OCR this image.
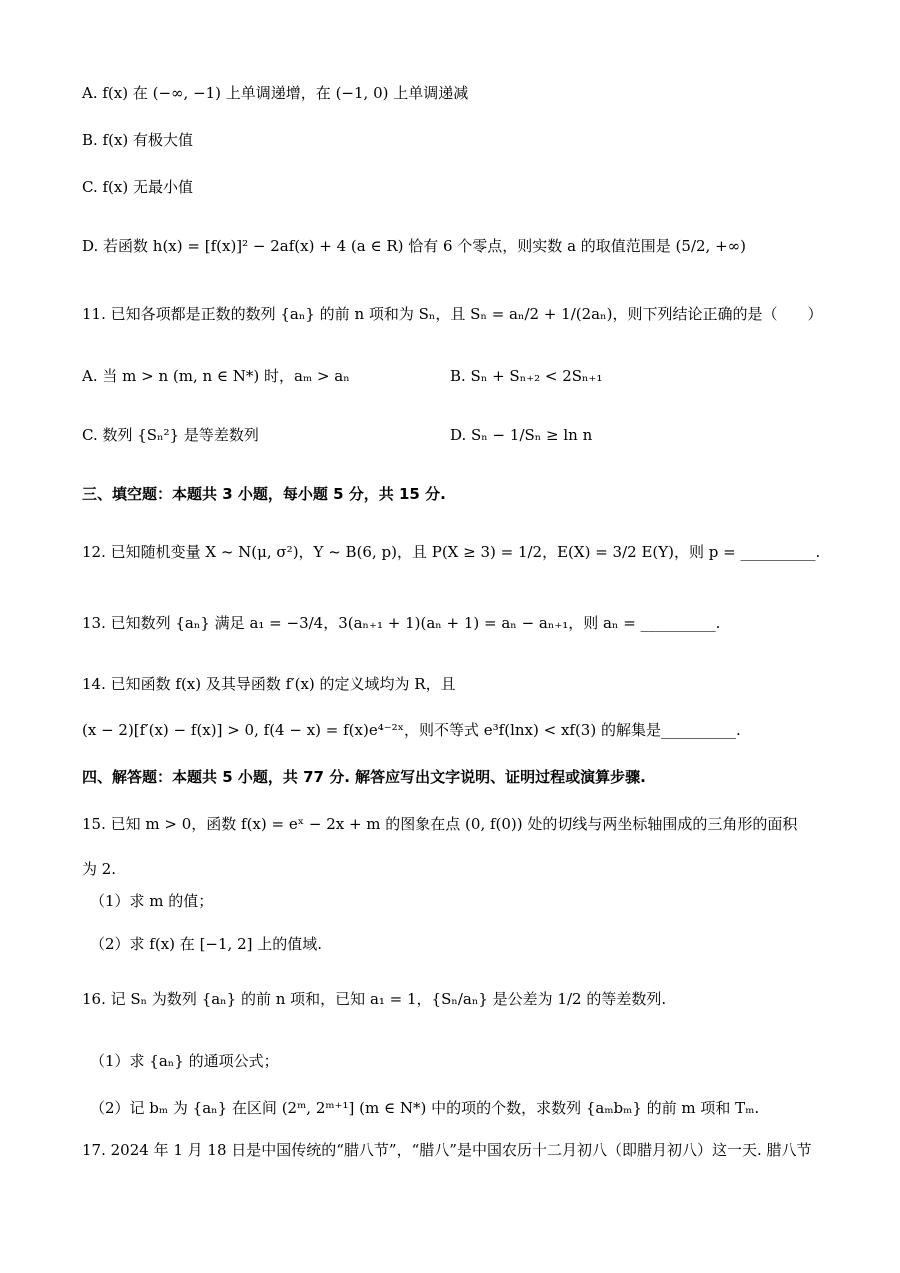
A. f(x) 在 (−∞, −1) 上单调递增，在 (−1, 0) 上单调递减
B. f(x) 有极大值
C. f(x) 无最小值
D. 若函数 h(x) = [f(x)]² − 2af(x) + 4 (a ∈ R) 恰有 6 个零点，则实数 a 的取值范围是 (5/2, +∞)
11. 已知各项都是正数的数列 {aₙ} 的前 n 项和为 Sₙ，且 Sₙ = aₙ/2 + 1/(2aₙ)，则下列结论正确的是（　　）
A. 当 m > n (m, n ∈ N*) 时，aₘ > aₙ	B. Sₙ + Sₙ₊₂ < 2Sₙ₊₁
C. 数列 {Sₙ²} 是等差数列	D. Sₙ − 1/Sₙ ≥ ln n
三、填空题：本题共 3 小题，每小题 5 分，共 15 分.
12. 已知随机变量 X ~ N(μ, σ²)，Y ~ B(6, p)，且 P(X ≥ 3) = 1/2，E(X) = 3/2 E(Y)，则 p = __________.
13. 已知数列 {aₙ} 满足 a₁ = −3/4，3(aₙ₊₁ + 1)(aₙ + 1) = aₙ − aₙ₊₁，则 aₙ = __________.
14. 已知函数 f(x) 及其导函数 f′(x) 的定义域均为 R，且
(x − 2)[f′(x) − f(x)] > 0, f(4 − x) = f(x)e⁴⁻²ˣ，则不等式 e³f(lnx) < xf(3) 的解集是__________.
四、解答题：本题共 5 小题，共 77 分. 解答应写出文字说明、证明过程或演算步骤.
15. 已知 m > 0，函数 f(x) = eˣ − 2x + m 的图象在点 (0, f(0)) 处的切线与两坐标轴围成的三角形的面积
为 2.
（1）求 m 的值；
（2）求 f(x) 在 [−1, 2] 上的值域.
16. 记 Sₙ 为数列 {aₙ} 的前 n 项和，已知 a₁ = 1，{Sₙ/aₙ} 是公差为 1/2 的等差数列.
（1）求 {aₙ} 的通项公式；
（2）记 bₘ 为 {aₙ} 在区间 (2ᵐ, 2ᵐ⁺¹] (m ∈ N*) 中的项的个数，求数列 {aₘbₘ} 的前 m 项和 Tₘ.
17. 2024 年 1 月 18 日是中国传统的“腊八节”，“腊八”是中国农历十二月初八（即腊月初八）这一天. 腊八节
